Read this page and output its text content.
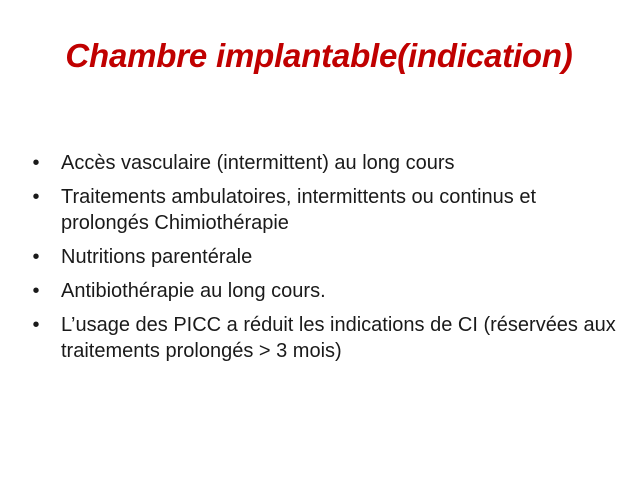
Chambre implantable(indication)
• Accès vasculaire (intermittent) au long cours
• Traitements ambulatoires, intermittents ou continus et prolongés Chimiothérapie
• Nutritions parentérale
• Antibiothérapie au long cours.
• L’usage des PICC a réduit les indications de CI (réservées aux traitements prolongés > 3 mois)
